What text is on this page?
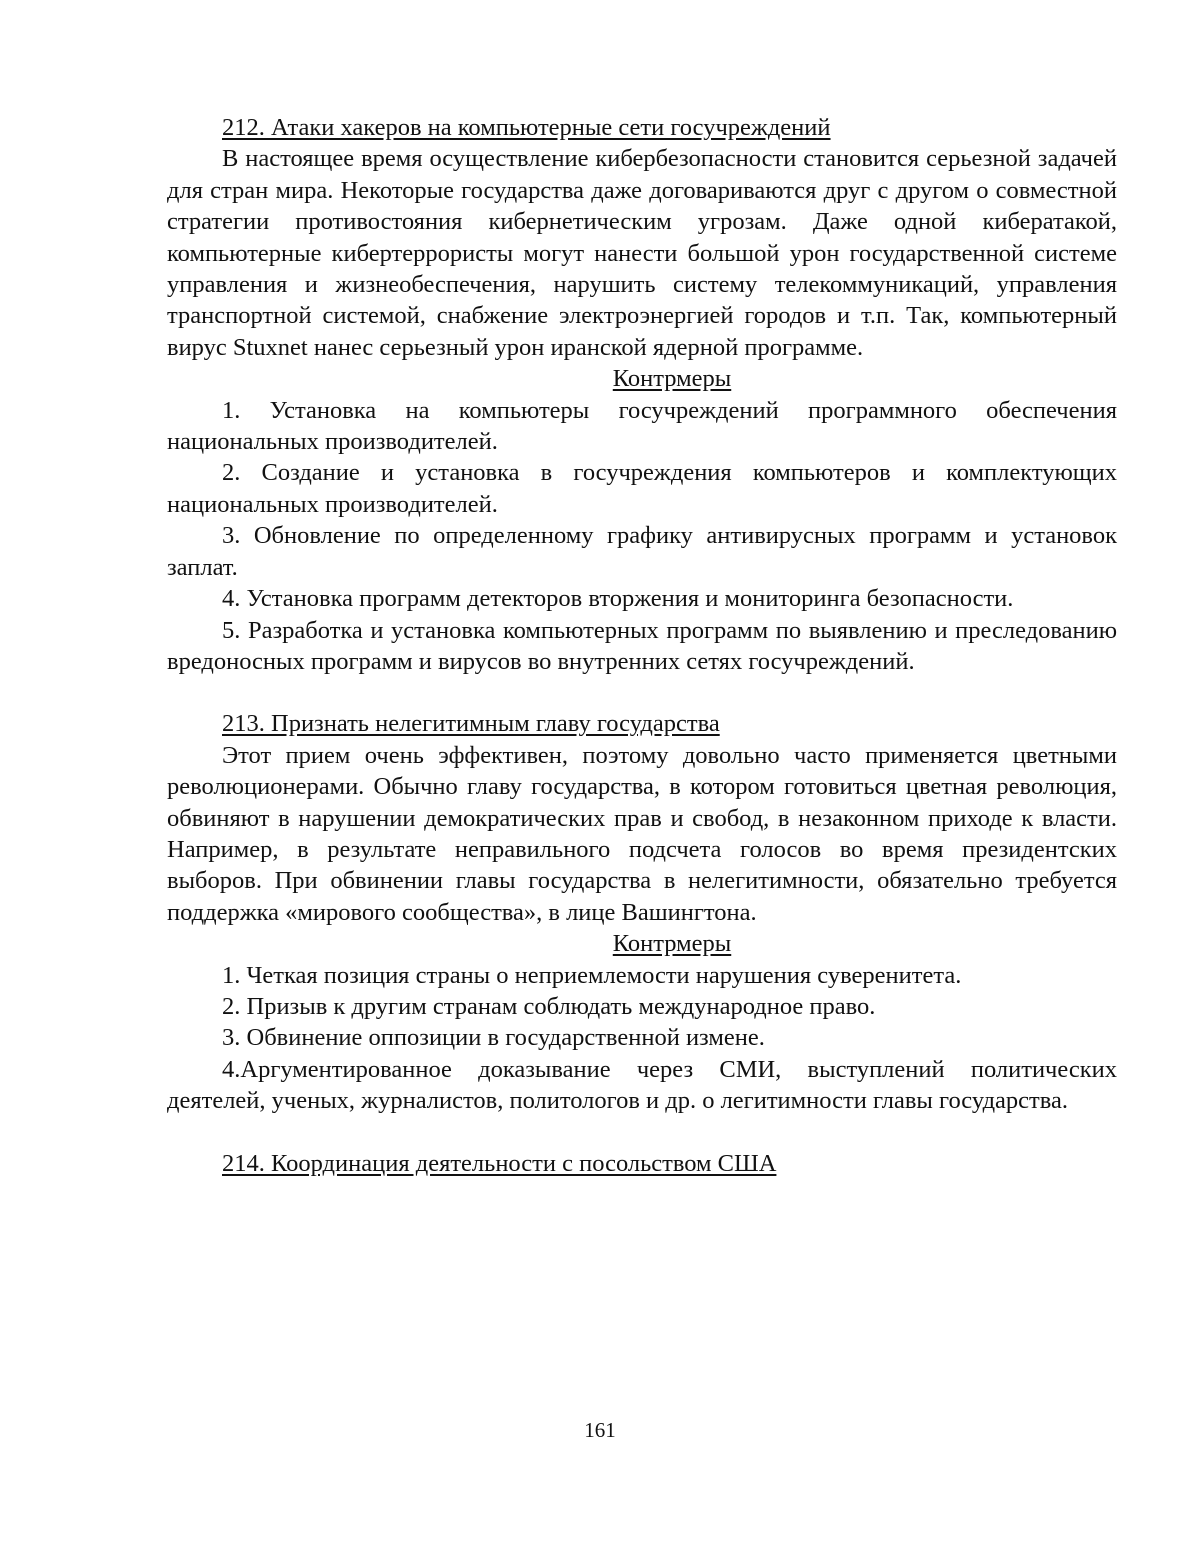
212. Атаки хакеров на компьютерные сети госучреждений

В настоящее время осуществление кибербезопасности становится серьезной задачей для стран мира. Некоторые государства даже договариваются друг с другом о совместной стратегии противостояния кибернетическим угрозам. Даже одной кибератакой, компьютерные кибертеррористы могут нанести большой урон государственной системе управления и жизнеобеспечения, нарушить систему телекоммуникаций, управления транспортной системой, снабжение электроэнергией городов и т.п. Так, компьютерный вирус Stuxnet нанес серьезный урон иранской ядерной программе.

Контрмеры

1. Установка на компьютеры госучреждений программного обеспечения национальных производителей.

2. Создание и установка в госучреждения компьютеров и комплектующих национальных производителей.

3. Обновление по определенному графику антивирусных программ и установок заплат.

4. Установка программ детекторов вторжения и мониторинга безопасности.

5. Разработка и установка компьютерных программ по выявлению и преследованию вредоносных программ и вирусов во внутренних сетях госучреждений.

213. Признать нелегитимным главу государства

Этот прием очень эффективен, поэтому довольно часто применяется цветными революционерами. Обычно главу государства, в котором готовиться цветная революция, обвиняют в нарушении демократических прав и свобод, в незаконном приходе к власти. Например, в результате неправильного подсчета голосов во время президентских выборов. При обвинении главы государства в нелегитимности, обязательно требуется поддержка «мирового сообщества», в лице Вашингтона.

Контрмеры

1. Четкая позиция страны о неприемлемости нарушения суверенитета.

2. Призыв к другим странам соблюдать международное право.

3. Обвинение оппозиции в государственной измене.

4.Аргументированное доказывание через СМИ, выступлений политических деятелей, ученых, журналистов, политологов и др. о легитимности главы государства.

214. Координация деятельности с посольством США

161
